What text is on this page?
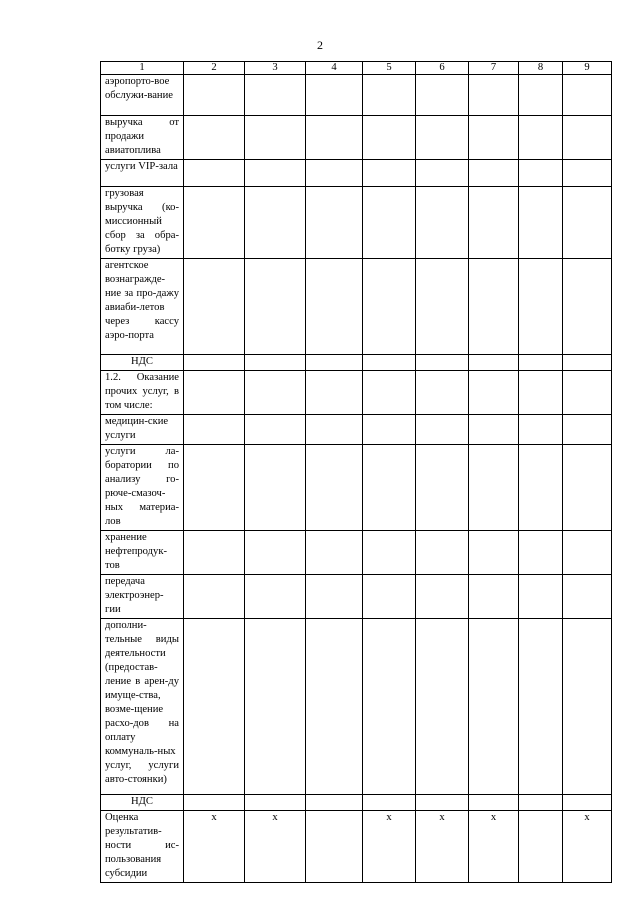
2
1	2	3	4	5	6	7	8	9
аэропорто-вое обслужи-вание								
выручка от продажи авиатоплива								
услуги VIP-зала								
грузовая выручка (ко-миссионный сбор за обра-ботку груза)								
агентское вознагражде-ние за про-дажу авиаби-летов через кассу аэро-порта								
НДС								
1.2. Оказание прочих услуг, в том числе:								
медицин-ские услуги								
услуги ла-боратории по анализу го-рюче-смазоч-ных материа-лов								
хранение нефтепродук-тов								
передача электроэнер-гии								
дополни-тельные виды деятельности (предостав-ление в арен-ду имуще-ства, возме-щение расхо-дов на оплату коммуналь-ных услуг, услуги авто-стоянки)								
НДС								
Оценка результатив-ности ис-пользования субсидии	x	x		x	x	x		x
